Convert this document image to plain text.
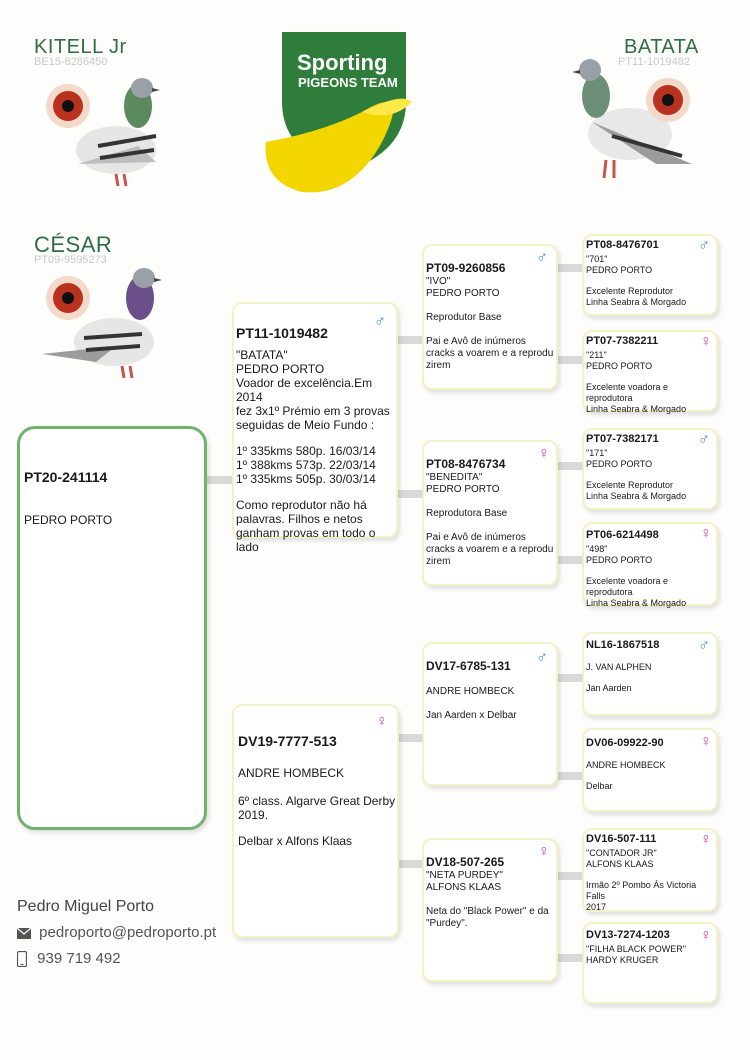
KITELL Jr
BE15-6286450
BATATA
PT11-1019482
CÉSAR
PT09-9595273
Sporting
PIGEONS TEAM
PT20-241114
PEDRO PORTO
♂
PT11-1019482
"BATATA"
PEDRO PORTO
Voador de excelência.Em 2014
fez 3x1º Prémio em 3 provas
seguidas de Meio Fundo :
1º 335kms 580p. 16/03/14
1º 388kms 573p. 22/03/14
1º 335kms 505p. 30/03/14
Como reprodutor não há
palavras. Filhos e netos
ganham provas em todo o lado
♀
DV19-7777-513
ANDRE HOMBECK
6º class. Algarve Great Derby
2019.
Delbar x Alfons Klaas
♂
PT09-9260856
"IVO"
PEDRO PORTO
Reprodutor Base
Pai e Avô de inúmeros
cracks a voarem e a reprodu
zirem
♀
PT08-8476734
"BENEDITA"
PEDRO PORTO
Reprodutora Base
Pai e Avô de inúmeros
cracks a voarem e a reprodu
zirem
♂
DV17-6785-131
ANDRE HOMBECK
Jan Aarden x Delbar
♀
DV18-507-265
"NETA PURDEY"
ALFONS KLAAS
Neta do "Black Power" e da
"Purdey".
♂
PT08-8476701
"701"
PEDRO PORTO
Excelente Reprodutor
Linha Seabra & Morgado
♀
PT07-7382211
"211"
PEDRO PORTO
Excelente voadora e reprodutora
Linha Seabra & Morgado
♂
PT07-7382171
"171"
PEDRO PORTO
Excelente Reprodutor
Linha Seabra & Morgado
♀
PT06-6214498
"498"
PEDRO PORTO
Excelente voadora e reprodutora
Linha Seabra & Morgado
♂
NL16-1867518
J. VAN ALPHEN
Jan Aarden
♀
DV06-09922-90
ANDRE HOMBECK
Delbar
♀
DV16-507-111
"CONTADOR JR"
ALFONS KLAAS
Irmão 2º Pombo Ás Victoria Falls
2017
♀
DV13-7274-1203
"FILHA BLACK POWER"
HARDY KRUGER
Pedro Miguel Porto
pedroporto@pedroporto.pt
939 719 492
